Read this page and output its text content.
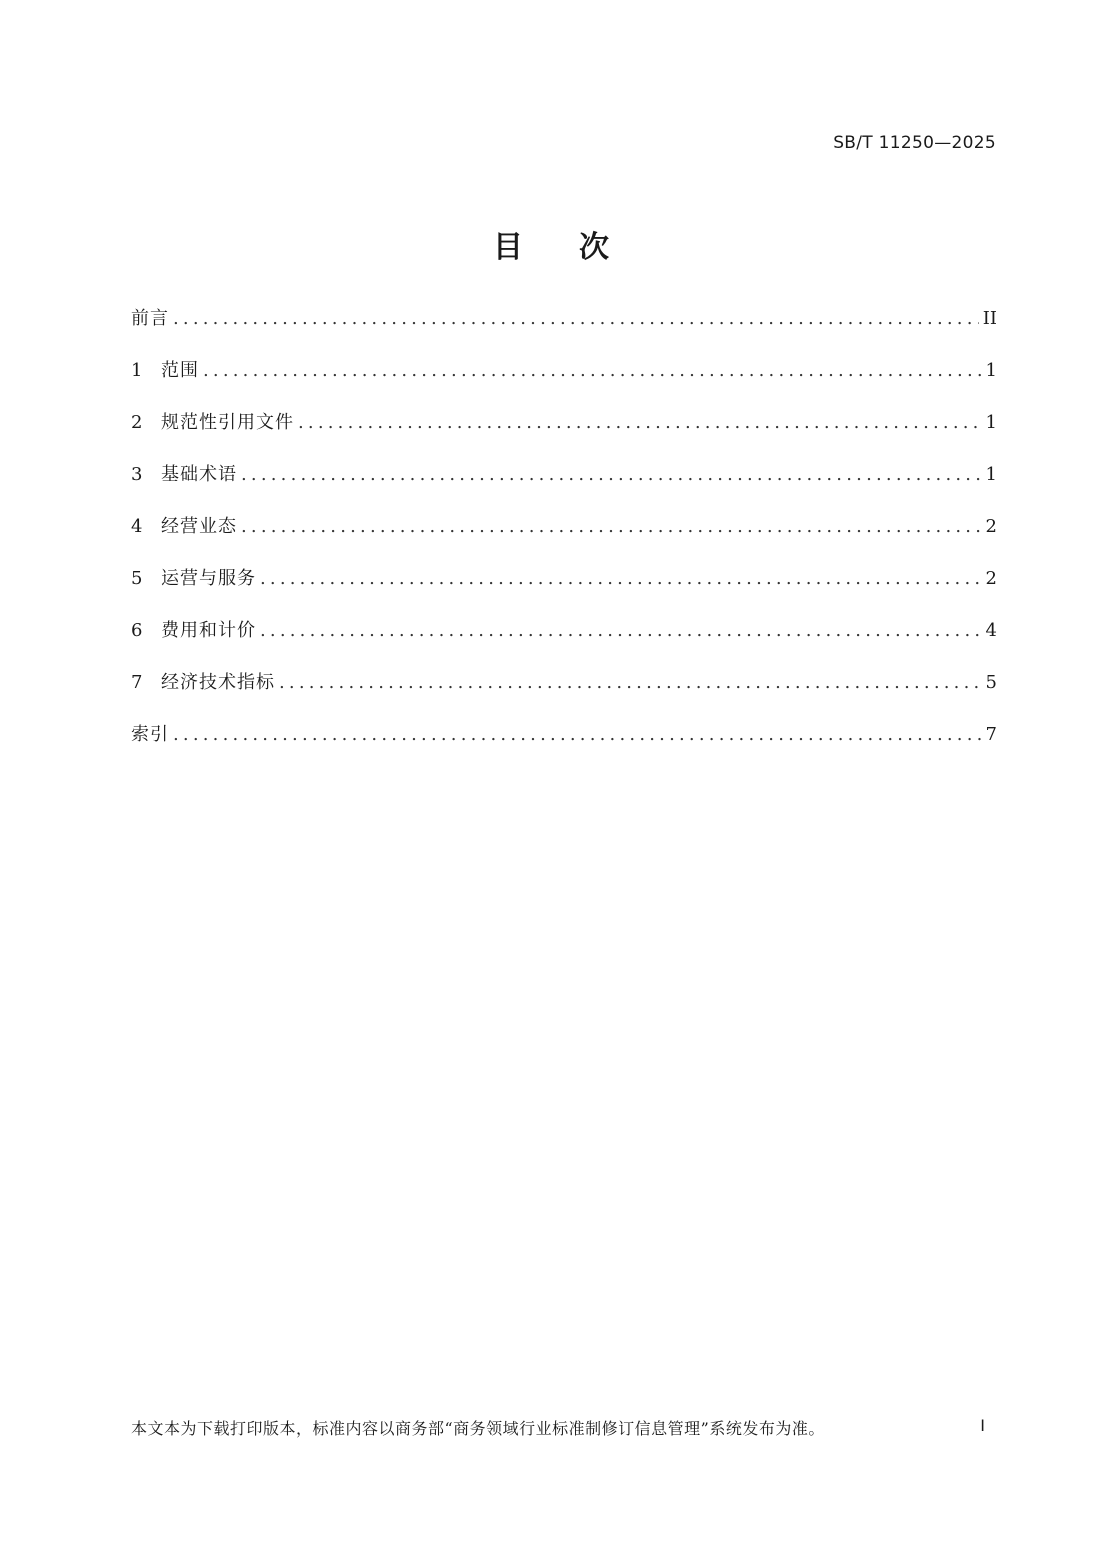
SB/T 11250—2025
目次
前言 .....	II
1	范围 .....	1
2	规范性引用文件 .....	1
3	基础术语 .....	1
4	经营业态 .....	2
5	运营与服务 .....	2
6	费用和计价 .....	4
7	经济技术指标 .....	5
索引 .....	7
本文本为下载打印版本，标准内容以商务部“商务领域行业标准制修订信息管理”系统发布为准。	I
